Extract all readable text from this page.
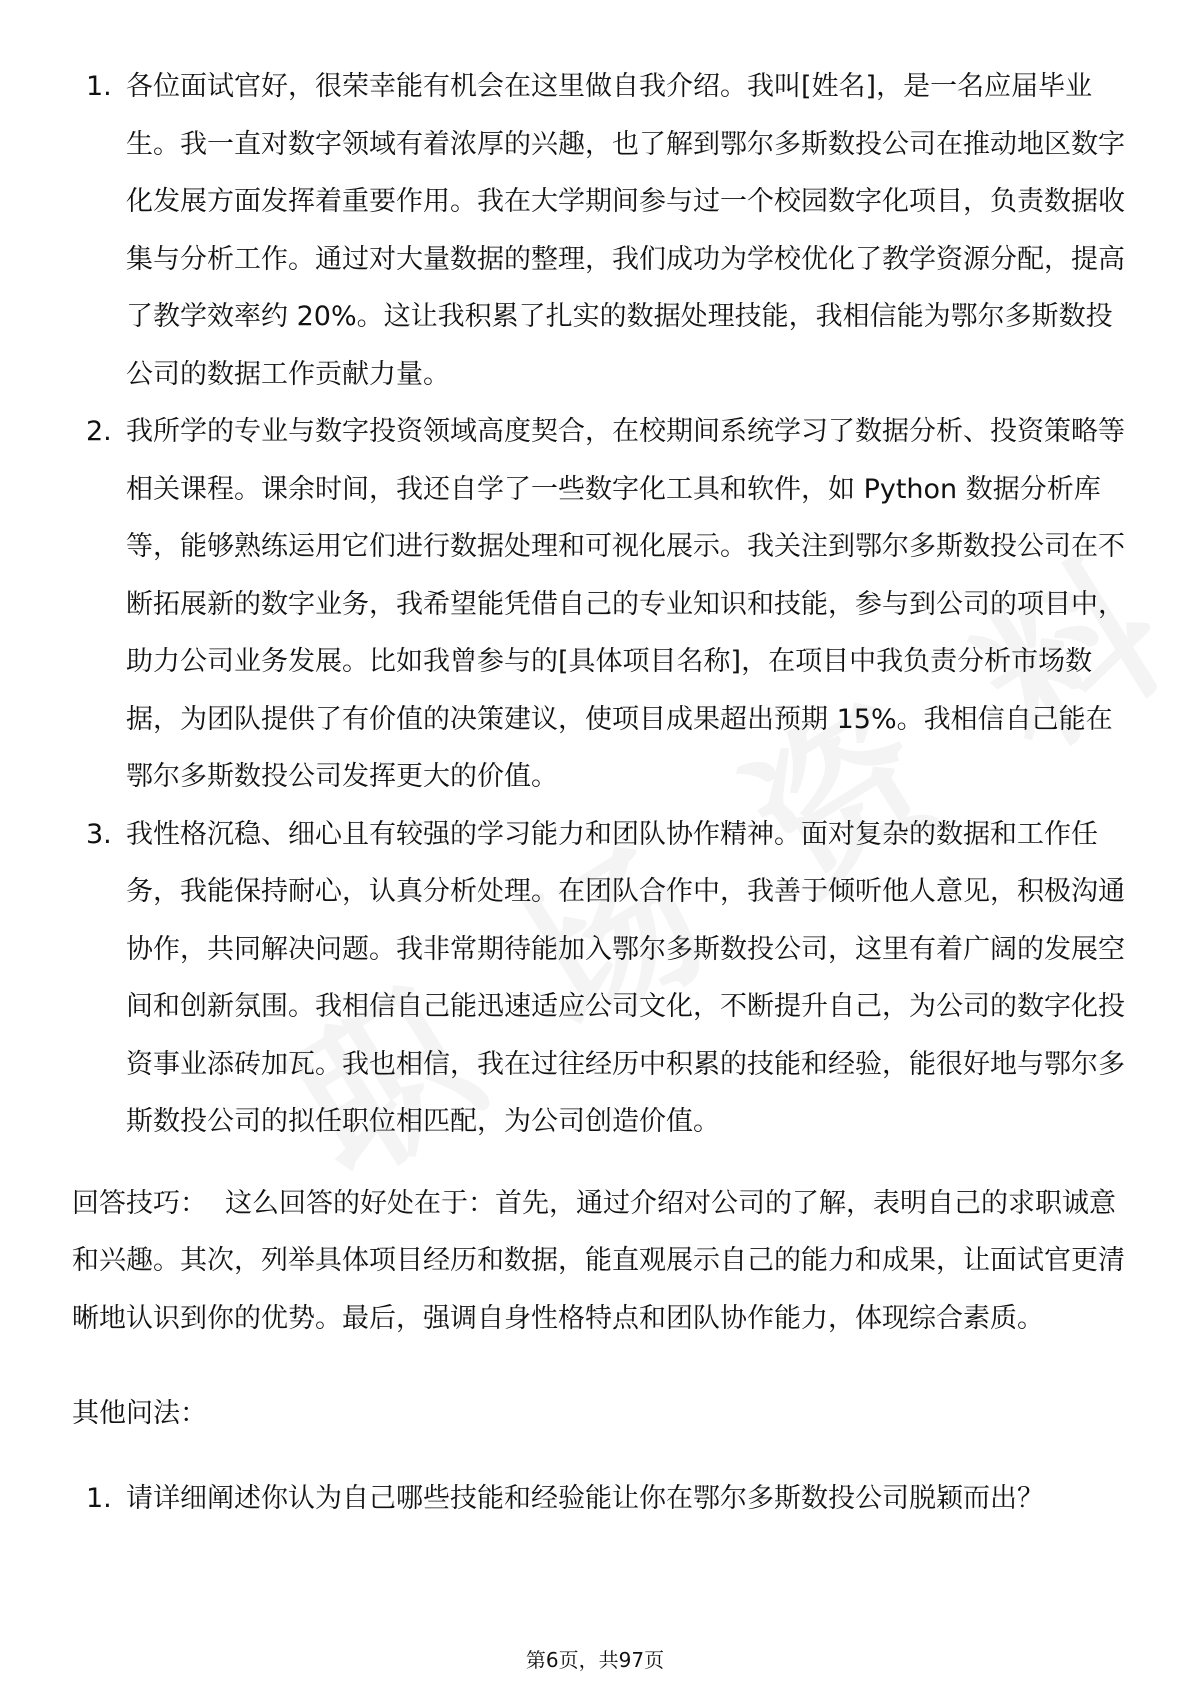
1. 各位面试官好，很荣幸能有机会在这里做自我介绍。我叫[姓名]，是一名应届毕业生。我一直对数字领域有着浓厚的兴趣，也了解到鄂尔多斯数投公司在推动地区数字化发展方面发挥着重要作用。我在大学期间参与过一个校园数字化项目，负责数据收集与分析工作。通过对大量数据的整理，我们成功为学校优化了教学资源分配，提高了教学效率约 20%。这让我积累了扎实的数据处理技能，我相信能为鄂尔多斯数投公司的数据工作贡献力量。
2. 我所学的专业与数字投资领域高度契合，在校期间系统学习了数据分析、投资策略等相关课程。课余时间，我还自学了一些数字化工具和软件，如 Python 数据分析库等，能够熟练运用它们进行数据处理和可视化展示。我关注到鄂尔多斯数投公司在不断拓展新的数字业务，我希望能凭借自己的专业知识和技能，参与到公司的项目中，助力公司业务发展。比如我曾参与的[具体项目名称]，在项目中我负责分析市场数据，为团队提供了有价值的决策建议，使项目成果超出预期 15%。我相信自己能在鄂尔多斯数投公司发挥更大的价值。
3. 我性格沉稳、细心且有较强的学习能力和团队协作精神。面对复杂的数据和工作任务，我能保持耐心，认真分析处理。在团队合作中，我善于倾听他人意见，积极沟通协作，共同解决问题。我非常期待能加入鄂尔多斯数投公司，这里有着广阔的发展空间和创新氛围。我相信自己能迅速适应公司文化，不断提升自己，为公司的数字化投资事业添砖加瓦。我也相信，我在过往经历中积累的技能和经验，能很好地与鄂尔多斯数投公司的拟任职位相匹配，为公司创造价值。
回答技巧： 这么回答的好处在于：首先，通过介绍对公司的了解，表明自己的求职诚意和兴趣。其次，列举具体项目经历和数据，能直观展示自己的能力和成果，让面试官更清晰地认识到你的优势。最后，强调自身性格特点和团队协作能力，体现综合素质。
其他问法：
1. 请详细阐述你认为自己哪些技能和经验能让你在鄂尔多斯数投公司脱颖而出？
第6页，共97页
